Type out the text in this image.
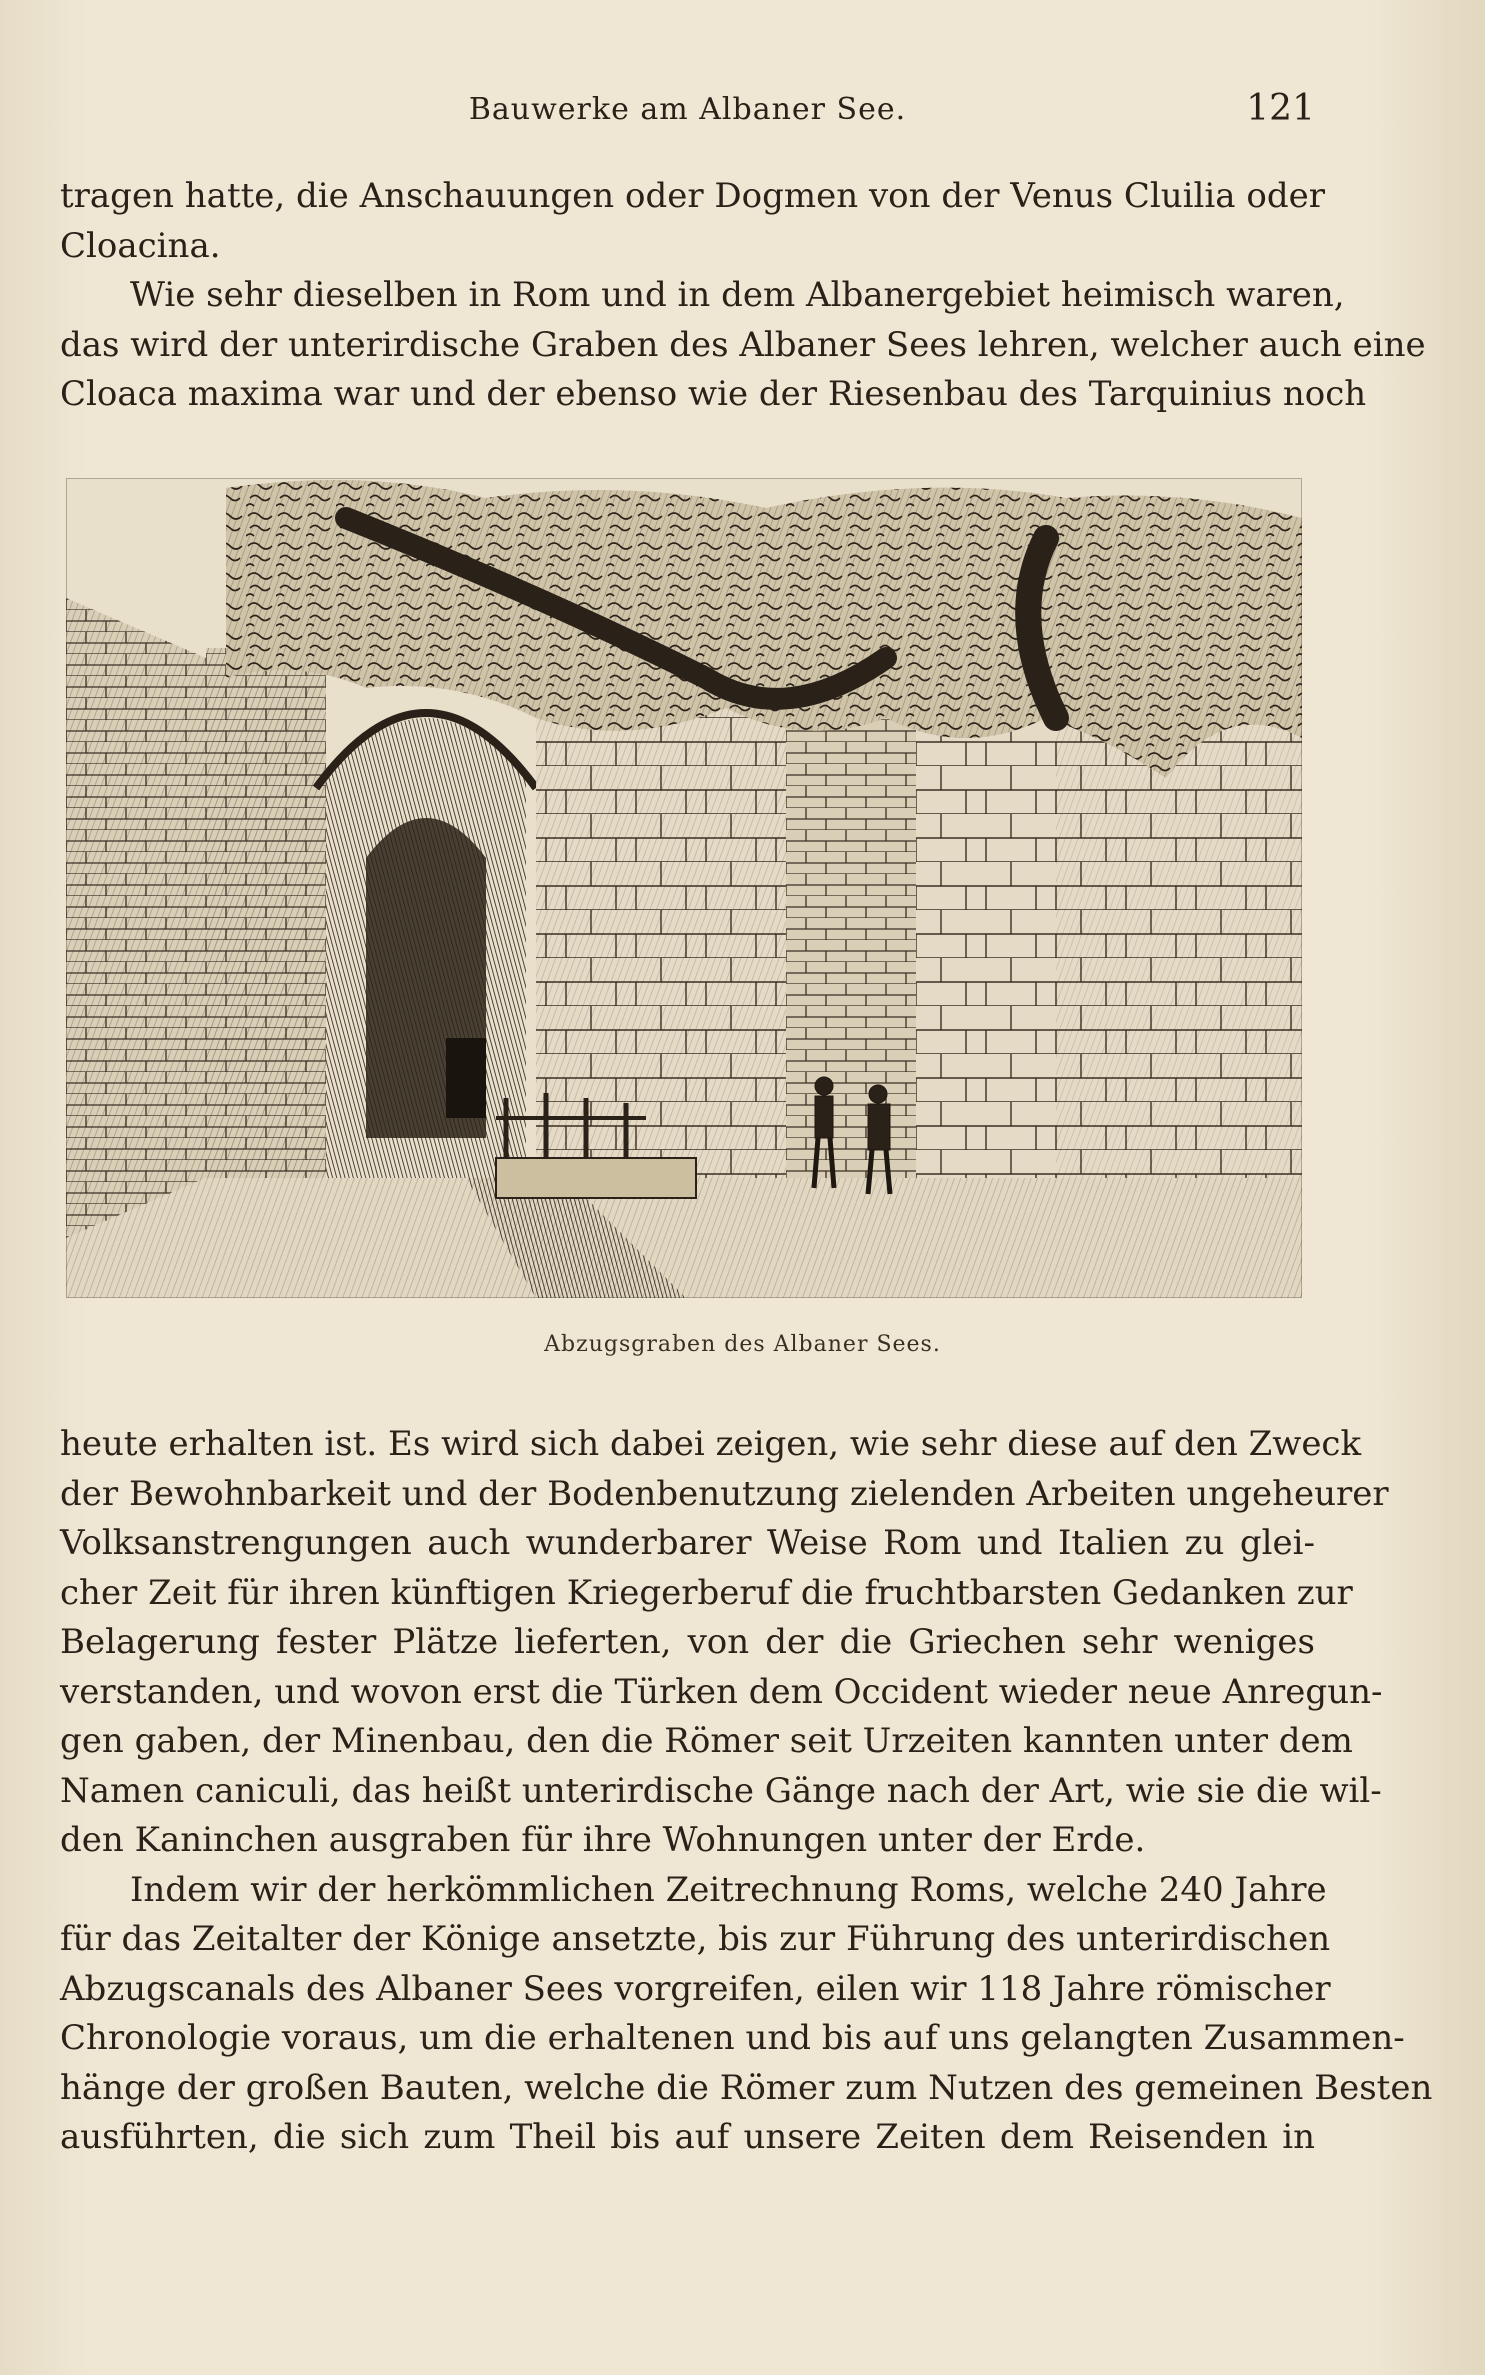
Bauwerke am Albaner See.	121
tragen hatte, die Anschauungen oder Dogmen von der Venus Cluilia oder
Cloacina.
Wie sehr dieselben in Rom und in dem Albanergebiet heimisch waren,
das wird der unterirdische Graben des Albaner Sees lehren, welcher auch eine
Cloaca maxima war und der ebenso wie der Riesenbau des Tarquinius noch
Abzugsgraben des Albaner Sees.
heute erhalten ist. Es wird sich dabei zeigen, wie sehr diese auf den Zweck
der Bewohnbarkeit und der Bodenbenutzung zielenden Arbeiten ungeheurer
Volksanstrengungen auch wunderbarer Weise Rom und Italien zu glei-
cher Zeit für ihren künftigen Kriegerberuf die fruchtbarsten Gedanken zur
Belagerung fester Plätze lieferten, von der die Griechen sehr weniges
verstanden, und wovon erst die Türken dem Occident wieder neue Anregun-
gen gaben, der Minenbau, den die Römer seit Urzeiten kannten unter dem
Namen caniculi, das heißt unterirdische Gänge nach der Art, wie sie die wil-
den Kaninchen ausgraben für ihre Wohnungen unter der Erde.
Indem wir der herkömmlichen Zeitrechnung Roms, welche 240 Jahre
für das Zeitalter der Könige ansetzte, bis zur Führung des unterirdischen
Abzugscanals des Albaner Sees vorgreifen, eilen wir 118 Jahre römischer
Chronologie voraus, um die erhaltenen und bis auf uns gelangten Zusammen-
hänge der großen Bauten, welche die Römer zum Nutzen des gemeinen Besten
ausführten, die sich zum Theil bis auf unsere Zeiten dem Reisenden in
